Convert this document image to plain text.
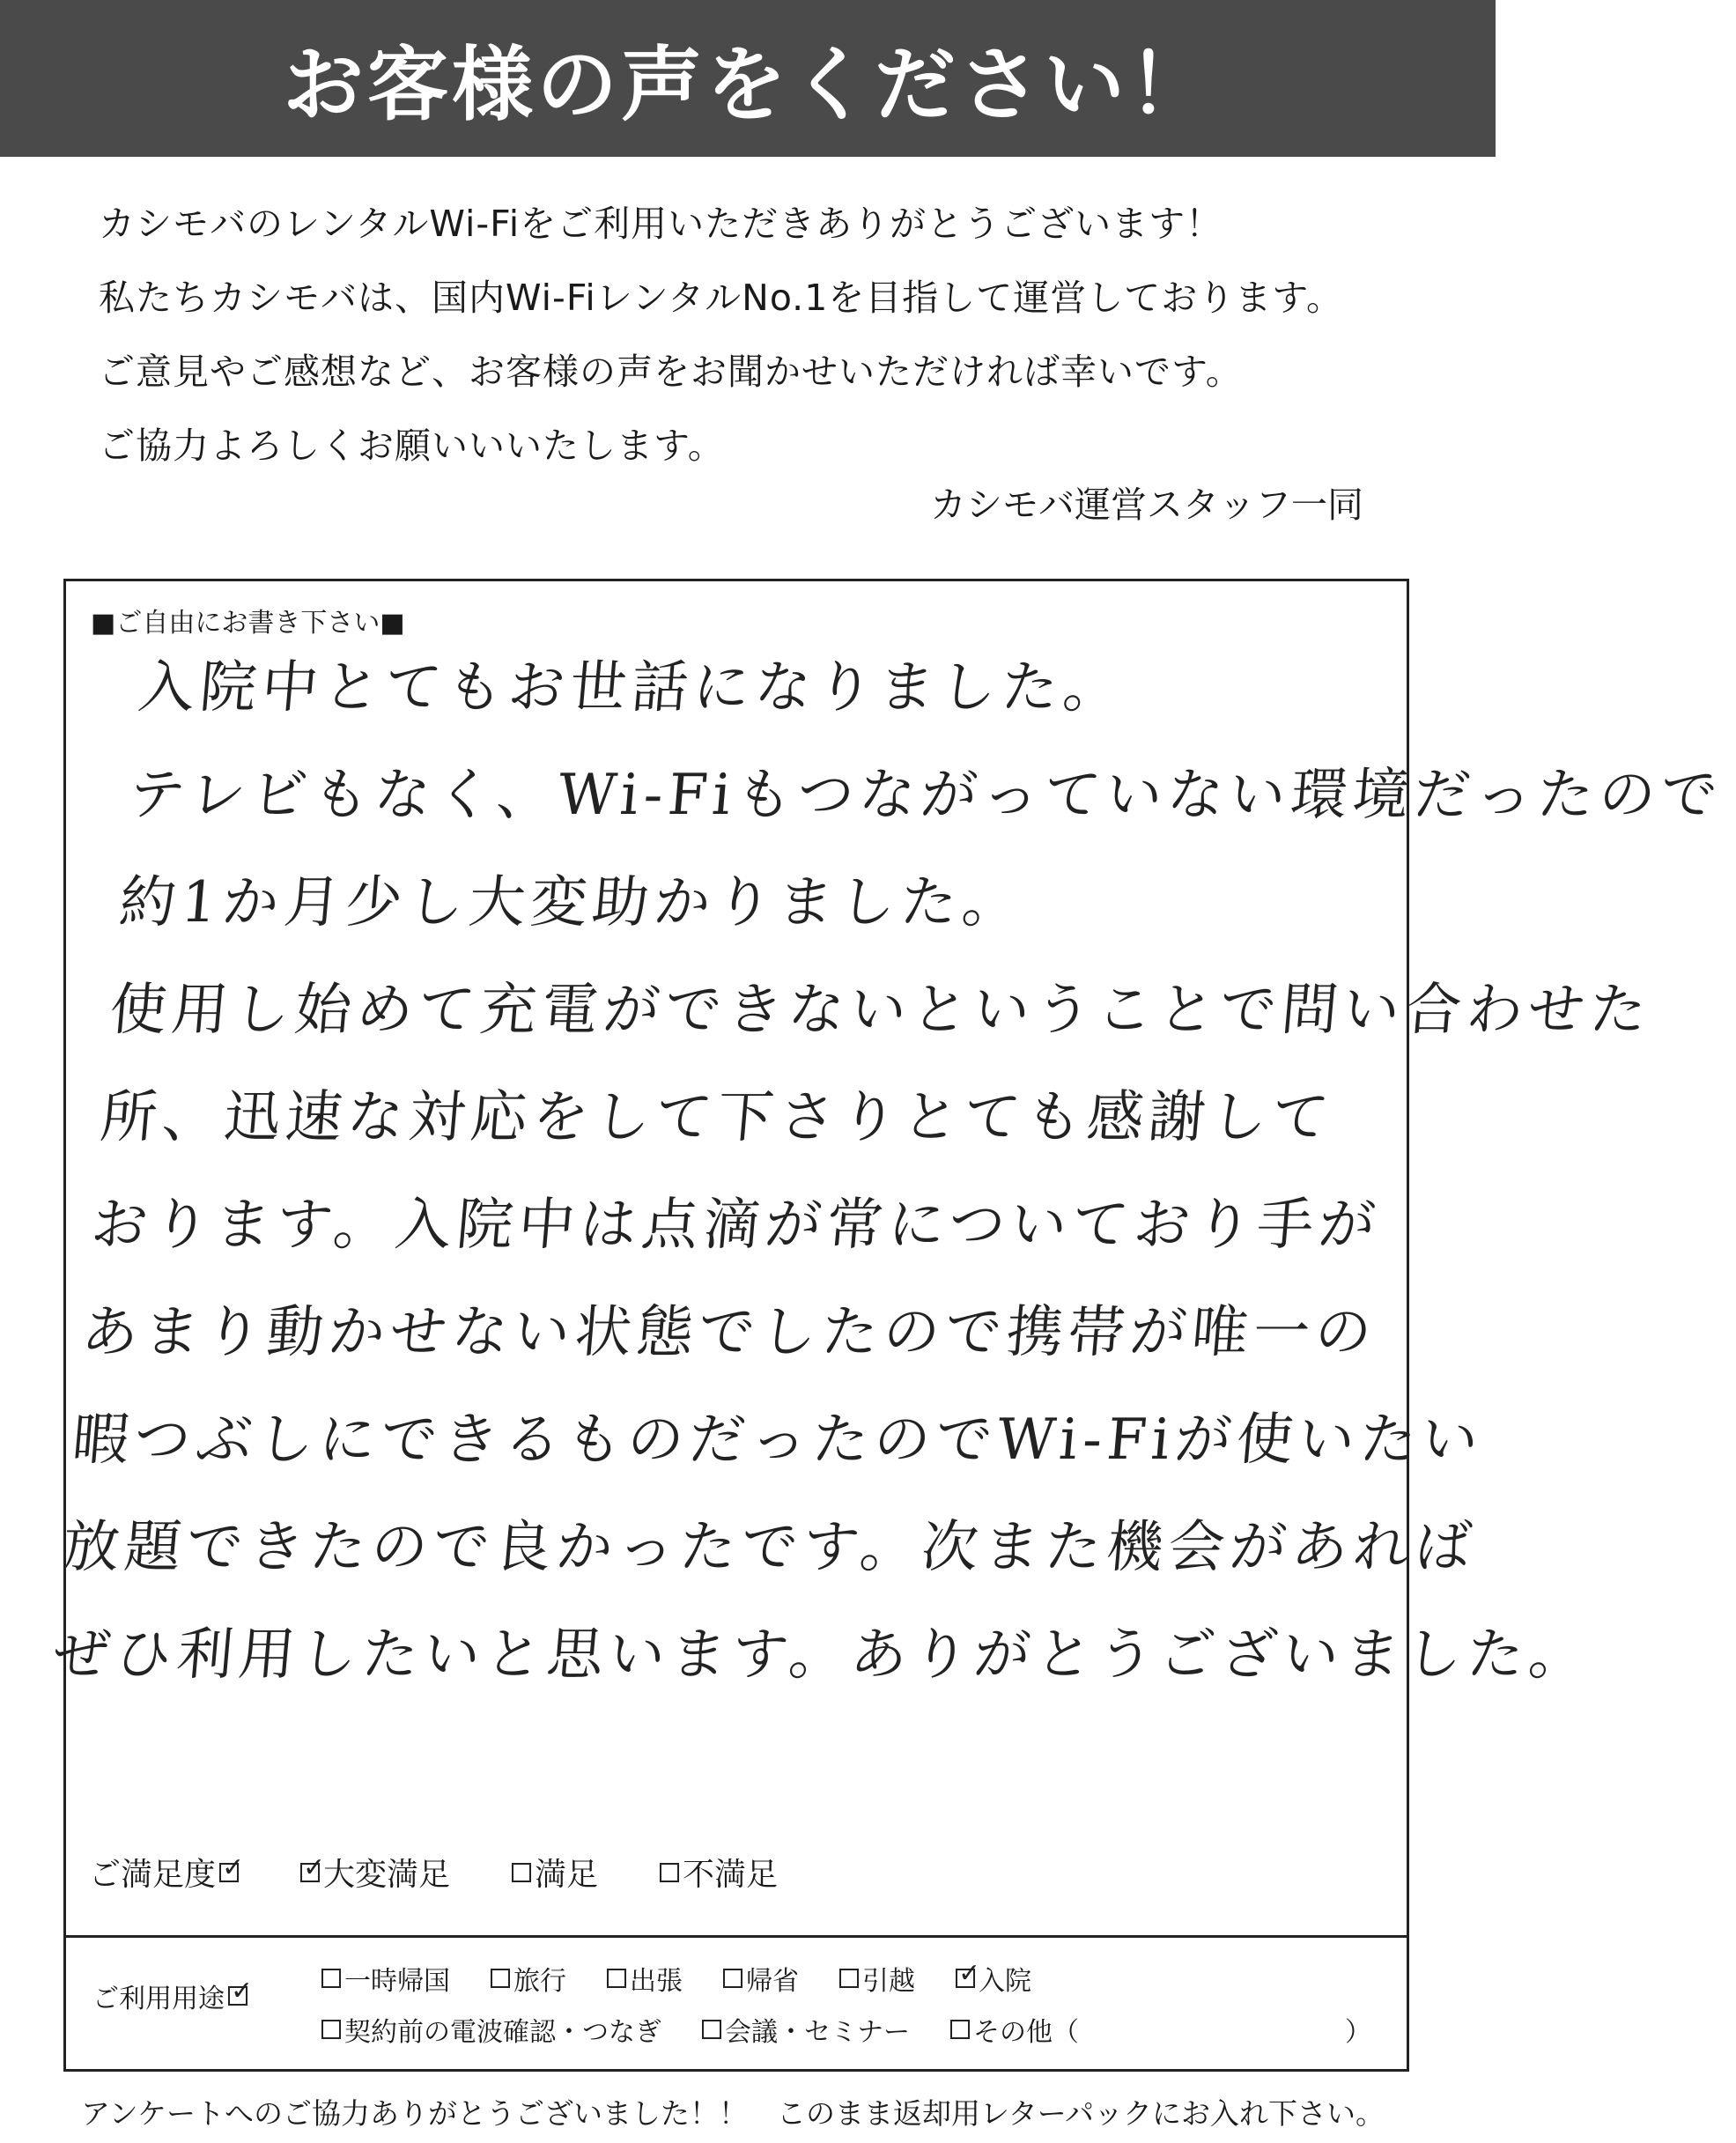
お客様の声をください！

カシモバのレンタルWi-Fiをご利用いただきありがとうございます！

私たちカシモバは、国内Wi-FiレンタルNo.1を目指して運営しております。

ご意見やご感想など、お客様の声をお聞かせいただければ幸いです。

ご協力よろしくお願いいいたします。

カシモバ運営スタッフ一同
■ご自由にお書き下さい■

入院中とてもお世話になりました。

テレビもなく、Wi-Fiもつながっていない環境だったので

約1か月少し大変助かりました。

使用し始めて充電ができないということで問い合わせた

所、迅速な対応をして下さりとても感謝して

おります。入院中は点滴が常についており手が

あまり動かせない状態でしたので携帯が唯一の

暇つぶしにできるものだったのでWi-Fiが使いたい

放題できたので良かったです。次また機会があれば

ぜひ利用したいと思います。ありがとうございました。

ご満足度 ✓ ✓	大変満足	満足	不満足
ご利用用途
✓
一時帰国 旅行 出張 帰省 引越 ✓ 入院
契約前の電波確認・つなぎ 会議・セミナー その他（	）
アンケートへのご協力ありがとうございました！！　このまま返却用レターパックにお入れ下さい。
